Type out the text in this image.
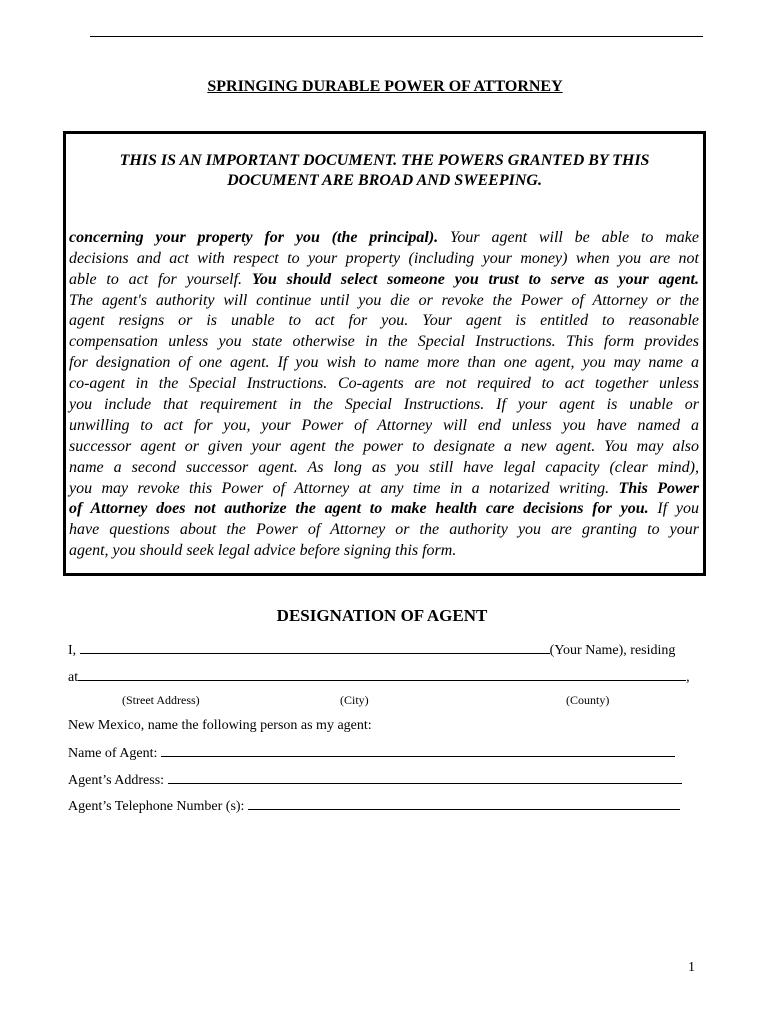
SPRINGING DURABLE POWER OF ATTORNEY
THIS IS AN IMPORTANT DOCUMENT. THE POWERS GRANTED BY THIS
DOCUMENT ARE BROAD AND SWEEPING.
concerning your property for you (the principal). Your agent will be able to make
decisions and act with respect to your property (including your money) when you are not
able to act for yourself. You should select someone you trust to serve as your agent.
The agent's authority will continue until you die or revoke the Power of Attorney or the
agent resigns or is unable to act for you. Your agent is entitled to reasonable
compensation unless you state otherwise in the Special Instructions. This form provides
for designation of one agent. If you wish to name more than one agent, you may name a
co-agent in the Special Instructions. Co-agents are not required to act together unless
you include that requirement in the Special Instructions. If your agent is unable or
unwilling to act for you, your Power of Attorney will end unless you have named a
successor agent or given your agent the power to designate a new agent. You may also
name a second successor agent. As long as you still have legal capacity (clear mind),
you may revoke this Power of Attorney at any time in a notarized writing. This Power
of Attorney does not authorize the agent to make health care decisions for you. If you
have questions about the Power of Attorney or the authority you are granting to your
agent, you should seek legal advice before signing this form.
DESIGNATION OF AGENT
I,	(Your Name), residing
at	,
(Street Address)	(City)	(County)
New Mexico, name the following person as my agent:
Name of Agent:
Agent’s Address:
Agent’s Telephone Number (s):
1
